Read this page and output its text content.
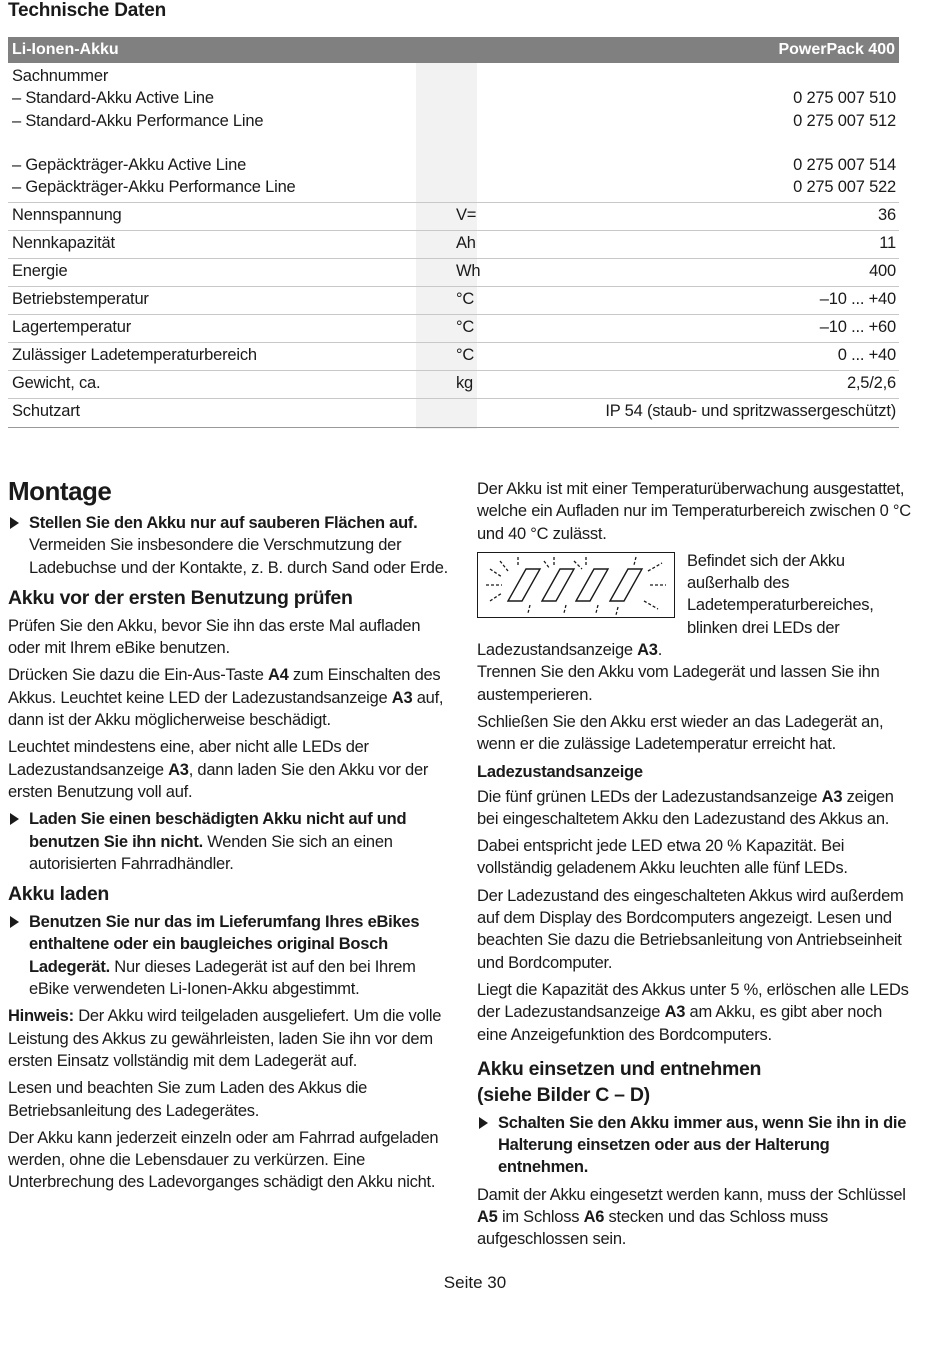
Technische Daten
Li-Ionen-Akku	PowerPack 400
Sachnummer
– Standard-Akku Active Line	0 275 007 510
– Standard-Akku Performance Line	0 275 007 512
– Gepäckträger-Akku Active Line	0 275 007 514
– Gepäckträger-Akku Performance Line	0 275 007 522
Nennspannung	V=	36
Nennkapazität	Ah	11
Energie	Wh	400
Betriebstemperatur	°C	–10 ... +40
Lagertemperatur	°C	–10 ... +60
Zulässiger Ladetemperaturbereich	°C	0 ... +40
Gewicht, ca.	kg	2,5/2,6
Schutzart	IP 54 (staub- und spritzwassergeschützt)
Montage
Stellen Sie den Akku nur auf sauberen Flächen auf. Vermeiden Sie insbesondere die Verschmutzung der Ladebuchse und der Kontakte, z. B. durch Sand oder Erde.
Akku vor der ersten Benutzung prüfen

Prüfen Sie den Akku, bevor Sie ihn das erste Mal aufladen oder mit Ihrem eBike benutzen.

Drücken Sie dazu die Ein-Aus-Taste A4 zum Einschalten des Akkus. Leuchtet keine LED der Ladezustandsanzeige A3 auf, dann ist der Akku möglicherweise beschädigt.

Leuchtet mindestens eine, aber nicht alle LEDs der Ladezustandsanzeige A3, dann laden Sie den Akku vor der ersten Benutzung voll auf.

Laden Sie einen beschädigten Akku nicht auf und benutzen Sie ihn nicht. Wenden Sie sich an einen autorisierten Fahrradhändler.
Akku laden
Benutzen Sie nur das im Lieferumfang Ihres eBikes enthaltene oder ein baugleiches original Bosch Ladegerät. Nur dieses Ladegerät ist auf den bei Ihrem eBike verwendeten Li-Ionen-Akku abgestimmt.

Hinweis: Der Akku wird teilgeladen ausgeliefert. Um die volle Leistung des Akkus zu gewährleisten, laden Sie ihn vor dem ersten Einsatz vollständig mit dem Ladegerät auf.

Lesen und beachten Sie zum Laden des Akkus die Betriebsanleitung des Ladegerätes.

Der Akku kann jederzeit einzeln oder am Fahrrad aufgeladen werden, ohne die Lebensdauer zu verkürzen. Eine Unterbrechung des Ladevorganges schädigt den Akku nicht.

Der Akku ist mit einer Temperaturüberwachung ausgestattet, welche ein Aufladen nur im Temperaturbereich zwischen 0 °C und 40 °C zulässt.

Befindet sich der Akku außerhalb des Ladetemperaturbereiches, blinken drei LEDs der Ladezustandsanzeige A3.

Trennen Sie den Akku vom Ladegerät und lassen Sie ihn austemperieren.

Schließen Sie den Akku erst wieder an das Ladegerät an, wenn er die zulässige Ladetemperatur erreicht hat.

Ladezustandsanzeige

Die fünf grünen LEDs der Ladezustandsanzeige A3 zeigen bei eingeschaltetem Akku den Ladezustand des Akkus an.

Dabei entspricht jede LED etwa 20 % Kapazität. Bei vollständig geladenem Akku leuchten alle fünf LEDs.

Der Ladezustand des eingeschalteten Akkus wird außerdem auf dem Display des Bordcomputers angezeigt. Lesen und beachten Sie dazu die Betriebsanleitung von Antriebseinheit und Bordcomputer.

Liegt die Kapazität des Akkus unter 5 %, erlöschen alle LEDs der Ladezustandsanzeige A3 am Akku, es gibt aber noch eine Anzeigefunktion des Bordcomputers.

Akku einsetzen und entnehmen
(siehe Bilder C – D)
Schalten Sie den Akku immer aus, wenn Sie ihn in die Halterung einsetzen oder aus der Halterung entnehmen.

Damit der Akku eingesetzt werden kann, muss der Schlüssel A5 im Schloss A6 stecken und das Schloss muss aufgeschlossen sein.

Seite 30
